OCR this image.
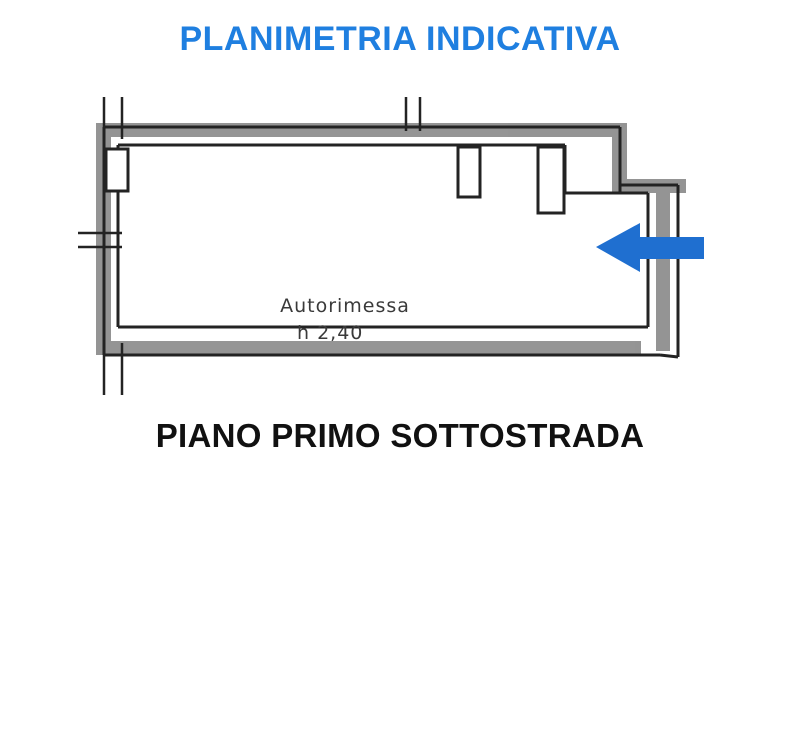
PLANIMETRIA INDICATIVA
Autorimessa
h 2,40
PIANO PRIMO SOTTOSTRADA
